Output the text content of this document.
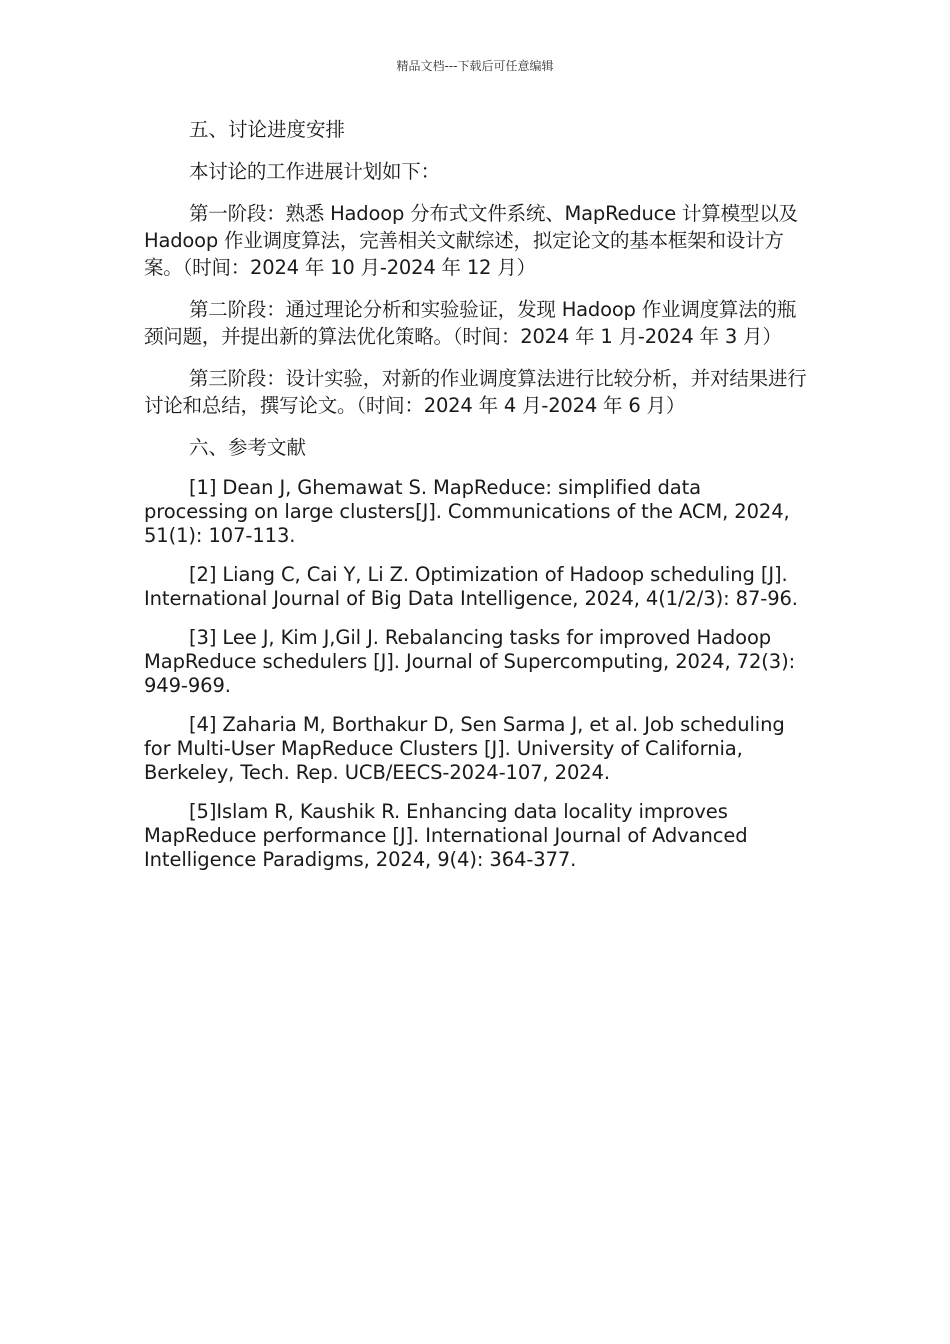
精品文档---下载后可任意编辑

五、讨论进度安排

本讨论的工作进展计划如下：

第一阶段：熟悉 Hadoop 分布式文件系统、MapReduce 计算模型以及 Hadoop 作业调度算法，完善相关文献综述，拟定论文的基本框架和设计方案。（时间：2024 年 10 月-2024 年 12 月）

第二阶段：通过理论分析和实验验证，发现 Hadoop 作业调度算法的瓶颈问题，并提出新的算法优化策略。（时间：2024 年 1 月-2024 年 3 月）

第三阶段：设计实验，对新的作业调度算法进行比较分析，并对结果进行讨论和总结，撰写论文。（时间：2024 年 4 月-2024 年 6 月）

六、参考文献

[1] Dean J, Ghemawat S. MapReduce: simplified data processing on large clusters[J]. Communications of the ACM, 2024, 51(1): 107-113.

[2] Liang C, Cai Y, Li Z. Optimization of Hadoop scheduling [J]. International Journal of Big Data Intelligence, 2024, 4(1/2/3): 87-96.

[3] Lee J, Kim J,Gil J. Rebalancing tasks for improved Hadoop MapReduce schedulers [J]. Journal of Supercomputing, 2024, 72(3): 949-969.

[4] Zaharia M, Borthakur D, Sen Sarma J, et al. Job scheduling for Multi-User MapReduce Clusters [J]. University of California, Berkeley, Tech. Rep. UCB/EECS-2024-107, 2024.

[5]Islam R, Kaushik R. Enhancing data locality improves MapReduce performance [J]. International Journal of Advanced Intelligence Paradigms, 2024, 9(4): 364-377.
